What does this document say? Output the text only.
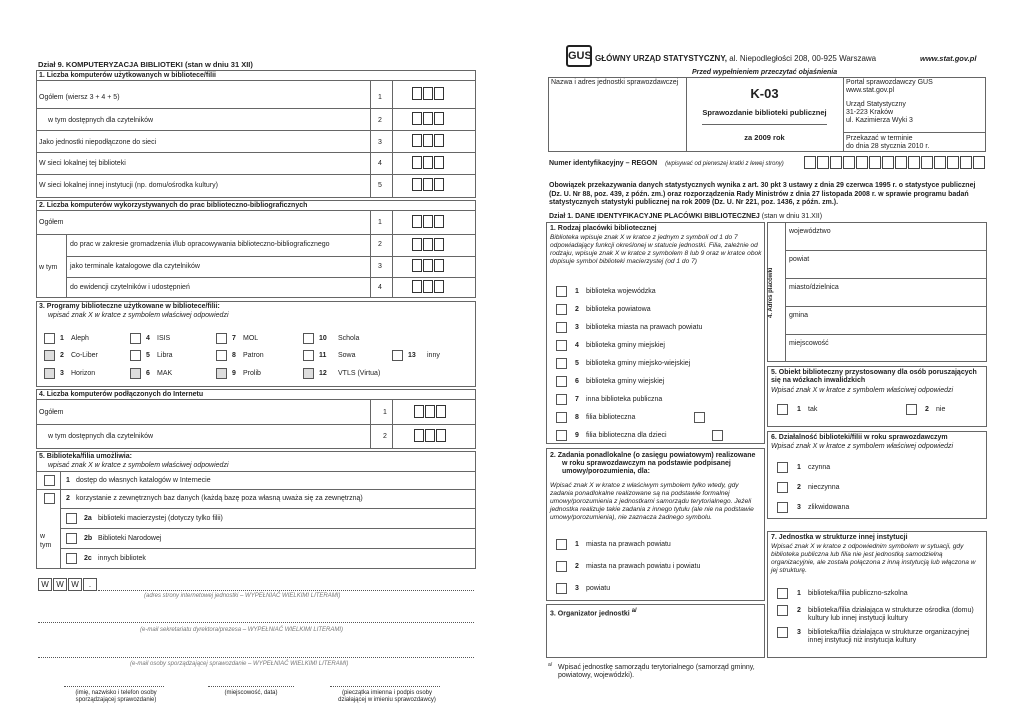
Dział 9. KOMPUTERYZACJA BIBLIOTEKI (stan w dniu 31 XII)
1. Liczba komputerów użytkowanych w bibliotece/filii
Ogółem (wiersz 3 + 4 + 5)	1
w tym dostępnych dla czytelników	2
Jako jednostki niepodłączone do sieci	3
W sieci lokalnej tej biblioteki	4
W sieci lokalnej innej instytucji (np. domu/ośrodka kultury)	5
2. Liczba komputerów wykorzystywanych do prac biblioteczno-bibliograficznych
Ogółem	1
w tym
do prac w zakresie gromadzenia i/lub opracowywania biblioteczno-bibliograficznego	2
jako terminale katalogowe dla czytelników	3
do ewidencji czytelników i udostępnień	4
3. Programy biblioteczne użytkowane w bibliotece/filii:
wpisać znak X w kratce z symbolem właściwej odpowiedzi
4. Liczba komputerów podłączonych do Internetu
Ogółem	1
w tym dostępnych dla czytelników	2
5. Biblioteka/filia umożliwia:
wpisać znak X w kratce z symbolem właściwej odpowiedzi
1 dostęp do własnych katalogów w Internecie
2 korzystanie z zewnętrznych baz danych (każdą bazę poza własną uważa się za zewnętrzną)
w
tym
2a biblioteki macierzystej (dotyczy tylko filii)
2b Biblioteki Narodowej
2c innych bibliotek
(adres strony internetowej jednostki – WYPEŁNIAĆ WIELKIMI LITERAMI)
(e-mail sekretariatu dyrektora/prezesa – WYPEŁNIAĆ WIELKIMI LITERAMI)
(e-mail osoby sporządzającej sprawozdanie – WYPEŁNIAĆ WIELKIMI LITERAMI)
(imię, nazwisko i telefon osoby sporządzającej sprawozdanie)
(miejscowość, data)	(pieczątka imienna i podpis osoby działającej w imieniu sprawozdawcy)
GUS GŁÓWNY URZĄD STATYSTYCZNY, al. Niepodległości 208, 00-925 Warszawa	www.stat.gov.pl
Przed wypełnieniem przeczytać objaśnienia
Nazwa i adres jednostki sprawozdawczej
K-03
Sprawozdanie biblioteki publicznej
za 2009 rok
Portal sprawozdawczy GUS
www.stat.gov.pl
Urząd Statystyczny
31-223 Kraków
ul. Kazimierza Wyki 3
Przekazać w terminie
do dnia 28 stycznia 2010 r.
Numer identyfikacyjny – REGON (wpisywać od pierwszej kratki z lewej strony)
Obowiązek przekazywania danych statystycznych wynika z art. 30 pkt 3 ustawy z dnia 29 czerwca 1995 r. o statystyce publicznej (Dz. U. Nr 88, poz. 439, z późn. zm.) oraz rozporządzenia Rady Ministrów z dnia 27 listopada 2008 r. w sprawie programu badań statystycznych statystyki publicznej na rok 2009 (Dz. U. Nr 221, poz. 1436, z późn. zm.).
Dział 1. DANE IDENTYFIKACYJNE PLACÓWKI BIBLIOTECZNEJ (stan w dniu 31.XII)
1. Rodzaj placówki bibliotecznej
Biblioteka wpisuje znak X w kratce z jednym z symboli od 1 do 7 odpowiadający funkcji określonej w statucie jednostki. Filia, zależnie od rodzaju, wpisuje znak X w kratce z symbolem 8 lub 9 oraz w kratce obok dopisuje symbol biblioteki macierzystej (od 1 do 7)
4. Adres placówki
5. Obiekt biblioteczny przystosowany dla osób poruszających się na wózkach inwalidzkich
Wpisać znak X w kratce z symbolem właściwej odpowiedzi
1 tak	2 nie
6. Działalność biblioteki/filii w roku sprawozdawczym
Wpisać znak X w kratce z symbolem właściwej odpowiedzi
7. Jednostka w strukturze innej instytucji
Wpisać znak X w kratce z odpowiednim symbolem w sytuacji, gdy biblioteka publiczna lub filia nie jest jednostką samodzielną organizacyjnie, ale została połączona z inną instytucją lub włączona w jej strukturę.
2. Zadania ponadlokalne (o zasięgu powiatowym) realizowane w roku sprawozdawczym na podstawie podpisanej umowy/porozumienia, dla:
Wpisać znak X w kratce z właściwym symbolem tylko wtedy, gdy zadania ponadlokalne realizowane są na podstawie formalnej umowy/porozumienia z jednostkami samorządu terytorialnego. Jeżeli jednostka realizuje takie zadania z innego tytułu (ale nie na podstawie umowy/porozumienia), nie zaznacza żadnego symbolu.
3. Organizator jednostki $^{a/}$
$^{a/}$ Wpisać jednostkę samorządu terytorialnego (samorząd gminny, powiatowy, wojewódzki).
1 Aleph	4 ISIS	7 MOL	10 Schola
2 Co-Liber	5 Libra	8 Patron	11 Sowa	13 inny
3 Horizon	6 MAK	9 Prolib	12 VTLS (Virtua)
W W W	.
1 biblioteka wojewódzka
2 biblioteka powiatowa
3 biblioteka miasta na prawach powiatu
4 biblioteka gminy miejskiej
5 biblioteka gminy miejsko-wiejskiej
6 biblioteka gminy wiejskiej
7 inna biblioteka publiczna
8 filia biblioteczna
9 filia biblioteczna dla dzieci
województwo
powiat
miasto/dzielnica
gmina
miejscowość
1 czynna
2 nieczynna
3 zlikwidowana
1 biblioteka/filia publiczno-szkolna
2 biblioteka/filia działająca w strukturze ośrodka (domu) kultury lub innej instytucji kultury
3 biblioteka/filia działająca w strukturze organizacyjnej innej instytucji niż instytucja kultury
1 miasta na prawach powiatu
2 miasta na prawach powiatu i powiatu
3 powiatu
